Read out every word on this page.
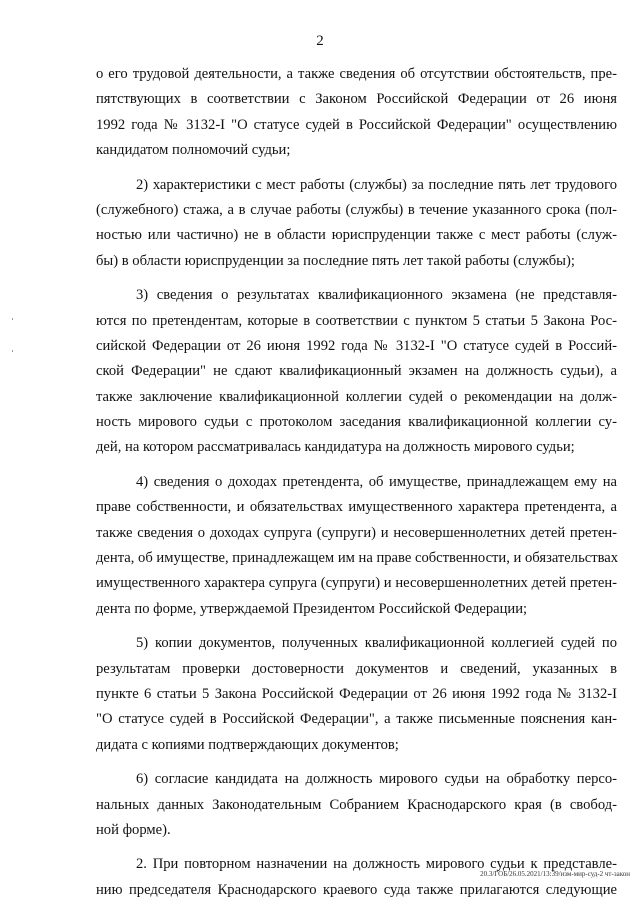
2
о его трудовой деятельности, а также сведения об отсутствии обстоятельств, пре-
пятствующих в соответствии с Законом Российской Федерации от 26 июня
1992 года № 3132-I "О статусе судей в Российской Федерации" осуществлению
кандидатом полномочий судьи;
2) характеристики с мест работы (службы) за последние пять лет трудового
(служебного) стажа, а в случае работы (службы) в течение указанного срока (пол-
ностью или частично) не в области юриспруденции также с мест работы (служ-
бы) в области юриспруденции за последние пять лет такой работы (службы);
3) сведения о результатах квалификационного экзамена (не представля-
ются по претендентам, которые в соответствии с пунктом 5 статьи 5 Закона Рос-
сийской Федерации от 26 июня 1992 года № 3132-I "О статусе судей в Россий-
ской Федерации" не сдают квалификационный экзамен на должность судьи), а
также заключение квалификационной коллегии судей о рекомендации на долж-
ность мирового судьи с протоколом заседания квалификационной коллегии су-
дей, на котором рассматривалась кандидатура на должность мирового судьи;
4) сведения о доходах претендента, об имуществе, принадлежащем ему на
праве собственности, и обязательствах имущественного характера претендента, а
также сведения о доходах супруга (супруги) и несовершеннолетних детей претен-
дента, об имуществе, принадлежащем им на праве собственности, и обязательствах
имущественного характера супруга (супруги) и несовершеннолетних детей претен-
дента по форме, утверждаемой Президентом Российской Федерации;
5) копии документов, полученных квалификационной коллегией судей по
результатам проверки достоверности документов и сведений, указанных в
пункте 6 статьи 5 Закона Российской Федерации от 26 июня 1992 года № 3132-I
"О статусе судей в Российской Федерации", а также письменные пояснения кан-
дидата с копиями подтверждающих документов;
6) согласие кандидата на должность мирового судьи на обработку персо-
нальных данных Законодательным Собранием Краснодарского края (в свобод-
ной форме).
2. При повторном назначении на должность мирового судьи к представле-
нию председателя Краснодарского краевого суда также прилагаются следующие
20.3/ГОБ/26.05.2021/13:39/изм-мир-суд-2 чт-закон
